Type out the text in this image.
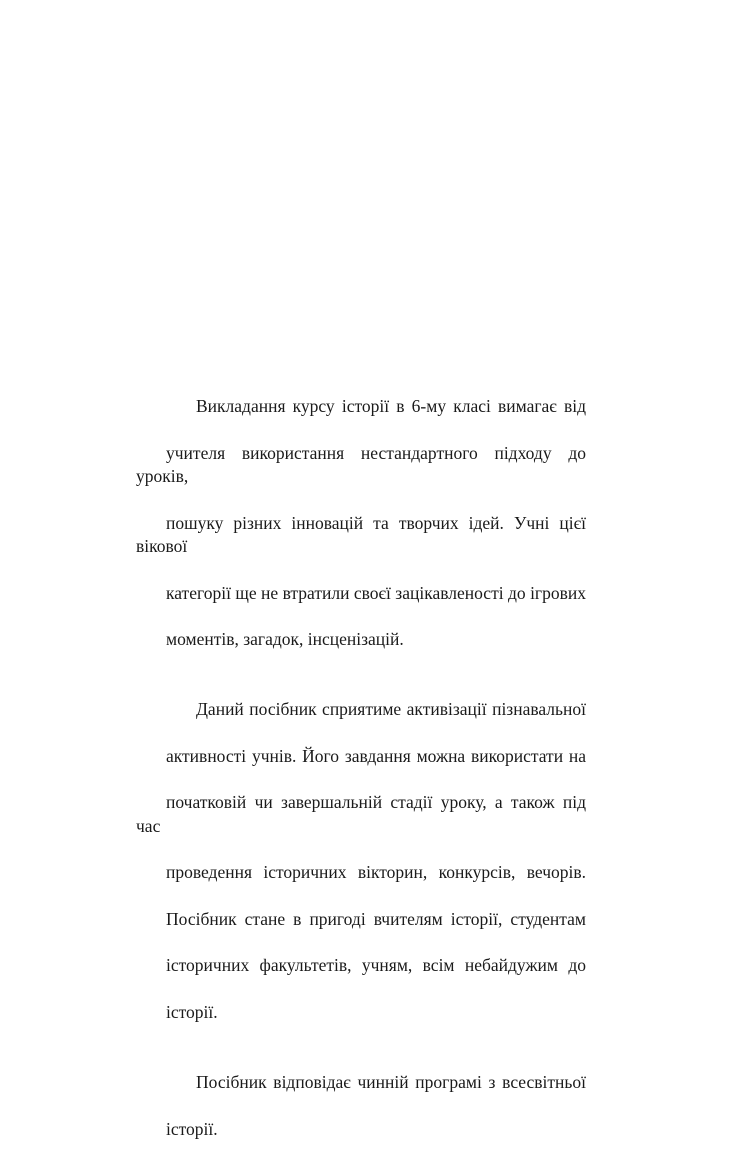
Викладання курсу історії в 6-му класі вимагає від

учителя використання нестандартного підходу до уроків,

пошуку різних інновацій та творчих ідей. Учні цієї вікової

категорії ще не втратили своєї зацікавленості до ігрових

моментів, загадок, інсценізацій.

Даний посібник сприятиме активізації пізнавальної

активності учнів. Його завдання можна використати на

початковій чи завершальній стадії уроку, а також під час

проведення історичних вікторин, конкурсів, вечорів.

Посібник стане в пригоді вчителям історії, студентам

історичних факультетів, учням, всім небайдужим до

історії.

Посібник відповідає чинній програмі з всесвітньої

історії.
